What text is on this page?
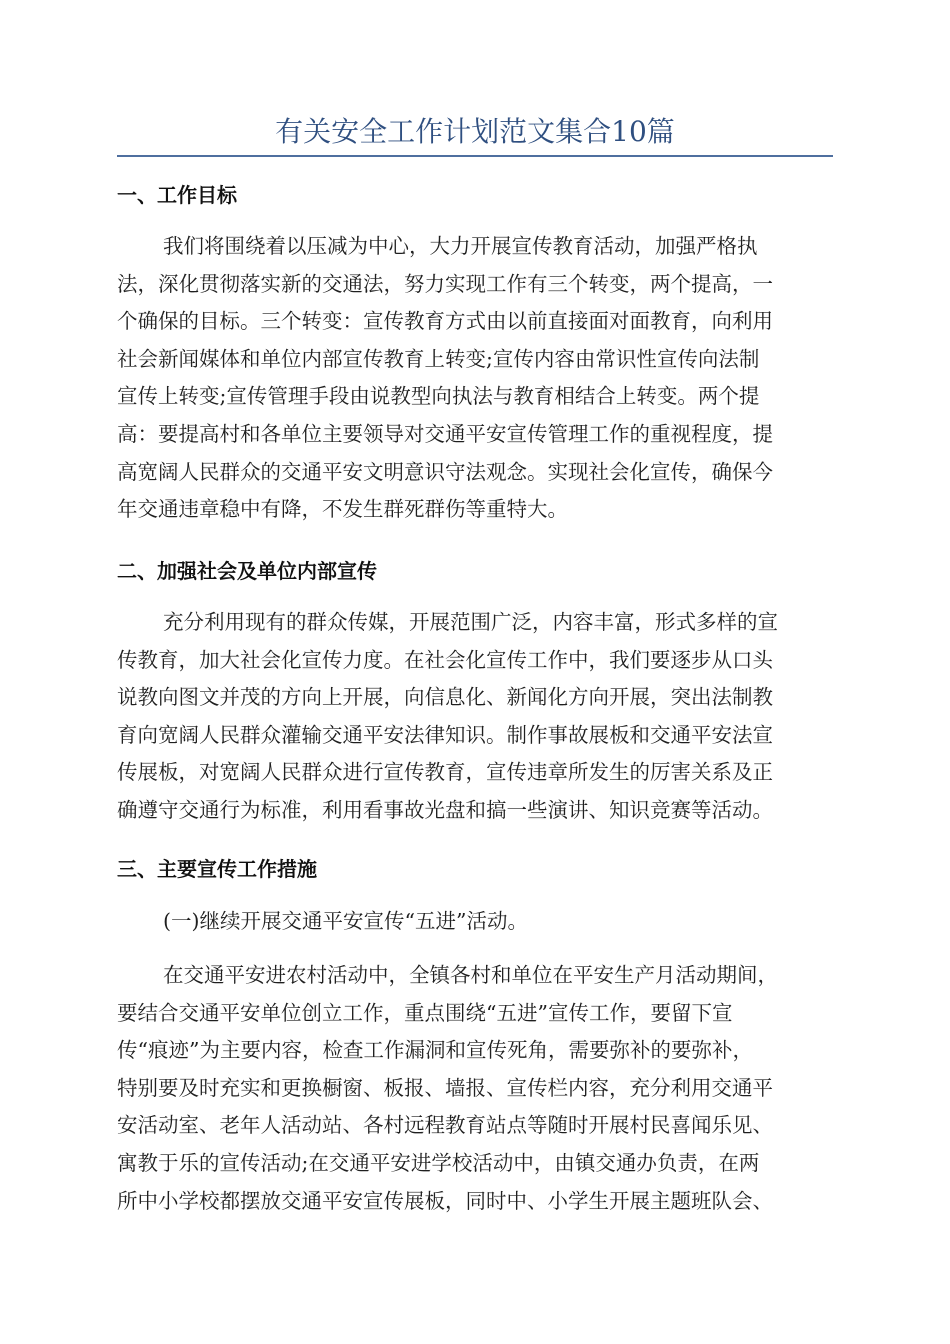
有关安全工作计划范文集合10篇
一、工作目标
我们将围绕着以压减为中心，大力开展宣传教育活动，加强严格执
法，深化贯彻落实新的交通法，努力实现工作有三个转变，两个提高，一
个确保的目标。三个转变：宣传教育方式由以前直接面对面教育，向利用
社会新闻媒体和单位内部宣传教育上转变;宣传内容由常识性宣传向法制
宣传上转变;宣传管理手段由说教型向执法与教育相结合上转变。两个提
高：要提高村和各单位主要领导对交通平安宣传管理工作的重视程度，提
高宽阔人民群众的交通平安文明意识守法观念。实现社会化宣传，确保今
年交通违章稳中有降，不发生群死群伤等重特大。
二、加强社会及单位内部宣传
充分利用现有的群众传媒，开展范围广泛，内容丰富，形式多样的宣
传教育，加大社会化宣传力度。在社会化宣传工作中，我们要逐步从口头
说教向图文并茂的方向上开展，向信息化、新闻化方向开展，突出法制教
育向宽阔人民群众灌输交通平安法律知识。制作事故展板和交通平安法宣
传展板，对宽阔人民群众进行宣传教育，宣传违章所发生的厉害关系及正
确遵守交通行为标准，利用看事故光盘和搞一些演讲、知识竞赛等活动。
三、主要宣传工作措施
(一)继续开展交通平安宣传“五进”活动。
在交通平安进农村活动中，全镇各村和单位在平安生产月活动期间，
要结合交通平安单位创立工作，重点围绕“五进”宣传工作，要留下宣
传“痕迹”为主要内容，检查工作漏洞和宣传死角，需要弥补的要弥补，
特别要及时充实和更换橱窗、板报、墙报、宣传栏内容，充分利用交通平
安活动室、老年人活动站、各村远程教育站点等随时开展村民喜闻乐见、
寓教于乐的宣传活动;在交通平安进学校活动中，由镇交通办负责，在两
所中小学校都摆放交通平安宣传展板，同时中、小学生开展主题班队会、
